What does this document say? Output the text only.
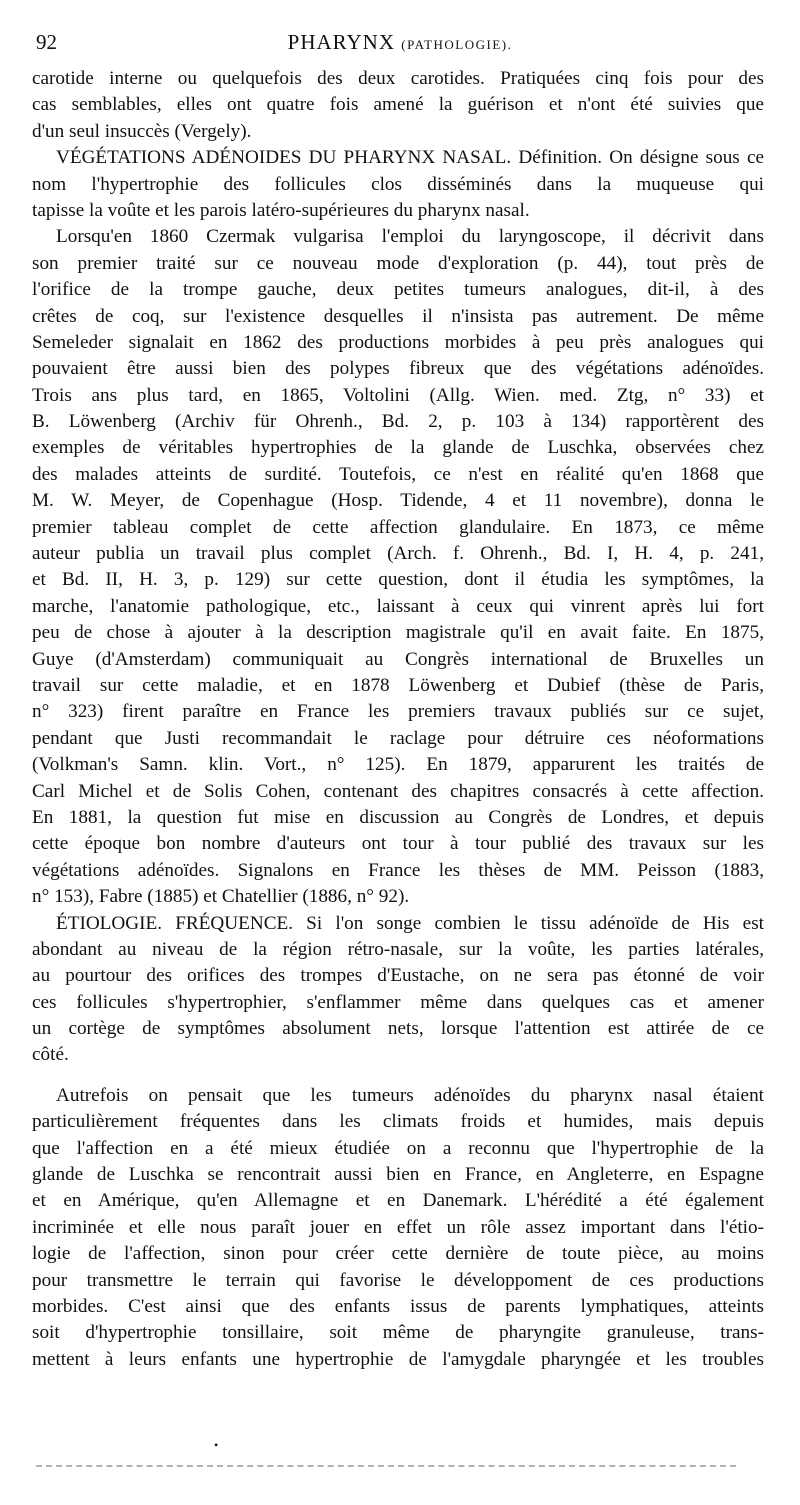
92	PHARYNX (PATHOLOGIE).
carotide interne ou quelquefois des deux carotides. Pratiquées cinq fois pour des
cas semblables, elles ont quatre fois amené la guérison et n'ont été suivies que
d'un seul insuccès (Vergely).
VÉGÉTATIONS ADÉNOIDES DU PHARYNX NASAL. Définition. On désigne sous ce
nom l'hypertrophie des follicules clos disséminés dans la muqueuse qui
tapisse la voûte et les parois latéro-supérieures du pharynx nasal.
Lorsqu'en 1860 Czermak vulgarisa l'emploi du laryngoscope, il décrivit dans
son premier traité sur ce nouveau mode d'exploration (p. 44), tout près de
l'orifice de la trompe gauche, deux petites tumeurs analogues, dit-il, à des
crêtes de coq, sur l'existence desquelles il n'insista pas autrement. De même
Semeleder signalait en 1862 des productions morbides à peu près analogues qui
pouvaient être aussi bien des polypes fibreux que des végétations adénoïdes.
Trois ans plus tard, en 1865, Voltolini (Allg. Wien. med. Ztg, n° 33) et
B. Löwenberg (Archiv für Ohrenh., Bd. 2, p. 103 à 134) rapportèrent des
exemples de véritables hypertrophies de la glande de Luschka, observées chez
des malades atteints de surdité. Toutefois, ce n'est en réalité qu'en 1868 que
M. W. Meyer, de Copenhague (Hosp. Tidende, 4 et 11 novembre), donna le
premier tableau complet de cette affection glandulaire. En 1873, ce même
auteur publia un travail plus complet (Arch. f. Ohrenh., Bd. I, H. 4, p. 241,
et Bd. II, H. 3, p. 129) sur cette question, dont il étudia les symptômes, la
marche, l'anatomie pathologique, etc., laissant à ceux qui vinrent après lui fort
peu de chose à ajouter à la description magistrale qu'il en avait faite. En 1875,
Guye (d'Amsterdam) communiquait au Congrès international de Bruxelles un
travail sur cette maladie, et en 1878 Löwenberg et Dubief (thèse de Paris,
n° 323) firent paraître en France les premiers travaux publiés sur ce sujet,
pendant que Justi recommandait le raclage pour détruire ces néoformations
(Volkman's Samn. klin. Vort., n° 125). En 1879, apparurent les traités de
Carl Michel et de Solis Cohen, contenant des chapitres consacrés à cette affection.
En 1881, la question fut mise en discussion au Congrès de Londres, et depuis
cette époque bon nombre d'auteurs ont tour à tour publié des travaux sur les
végétations adénoïdes. Signalons en France les thèses de MM. Peisson (1883,
n° 153), Fabre (1885) et Chatellier (1886, n° 92).
ÉTIOLOGIE. FRÉQUENCE. Si l'on songe combien le tissu adénoïde de His est
abondant au niveau de la région rétro-nasale, sur la voûte, les parties latérales,
au pourtour des orifices des trompes d'Eustache, on ne sera pas étonné de voir
ces follicules s'hypertrophier, s'enflammer même dans quelques cas et amener
un cortège de symptômes absolument nets, lorsque l'attention est attirée de ce
côté.
Autrefois on pensait que les tumeurs adénoïdes du pharynx nasal étaient
particulièrement fréquentes dans les climats froids et humides, mais depuis
que l'affection en a été mieux étudiée on a reconnu que l'hypertrophie de la
glande de Luschka se rencontrait aussi bien en France, en Angleterre, en Espagne
et en Amérique, qu'en Allemagne et en Danemark. L'hérédité a été également
incriminée et elle nous paraît jouer en effet un rôle assez important dans l'étio-
logie de l'affection, sinon pour créer cette dernière de toute pièce, au moins
pour transmettre le terrain qui favorise le développoment de ces productions
morbides. C'est ainsi que des enfants issus de parents lymphatiques, atteints
soit d'hypertrophie tonsillaire, soit même de pharyngite granuleuse, trans-
mettent à leurs enfants une hypertrophie de l'amygdale pharyngée et les troubles
•
